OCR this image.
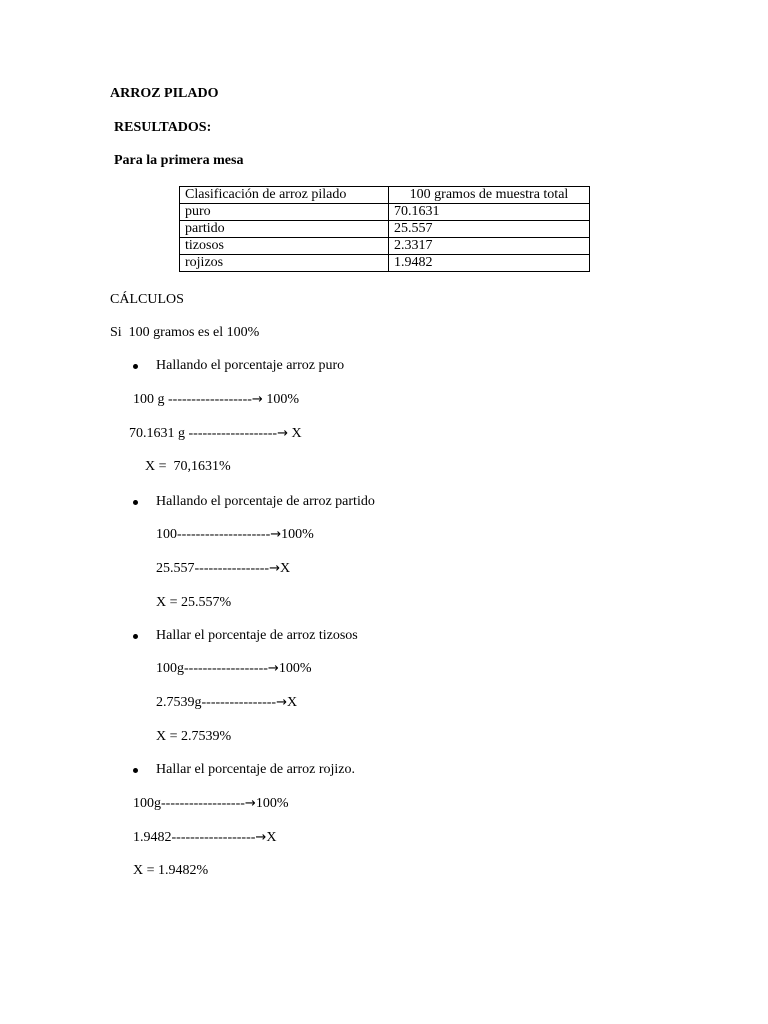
ARROZ PILADO
RESULTADOS:
Para la primera mesa
Clasificación de arroz pilado	100 gramos de muestra total
puro	70.1631
partido	25.557
tizosos	2.3317
rojizos	1.9482
CÁLCULOS
Si  100 gramos es el 100%
Hallando el porcentaje arroz puro
100 g ------------------→ 100%
70.1631 g -------------------→ X
X =  70,1631%
Hallando el porcentaje de arroz partido
100--------------------→100%
25.557----------------→X
X = 25.557%
Hallar el porcentaje de arroz tizosos
100g------------------→100%
2.7539g----------------→X
X = 2.7539%
Hallar el porcentaje de arroz rojizo.
100g------------------→100%
1.9482------------------→X
X = 1.9482%
